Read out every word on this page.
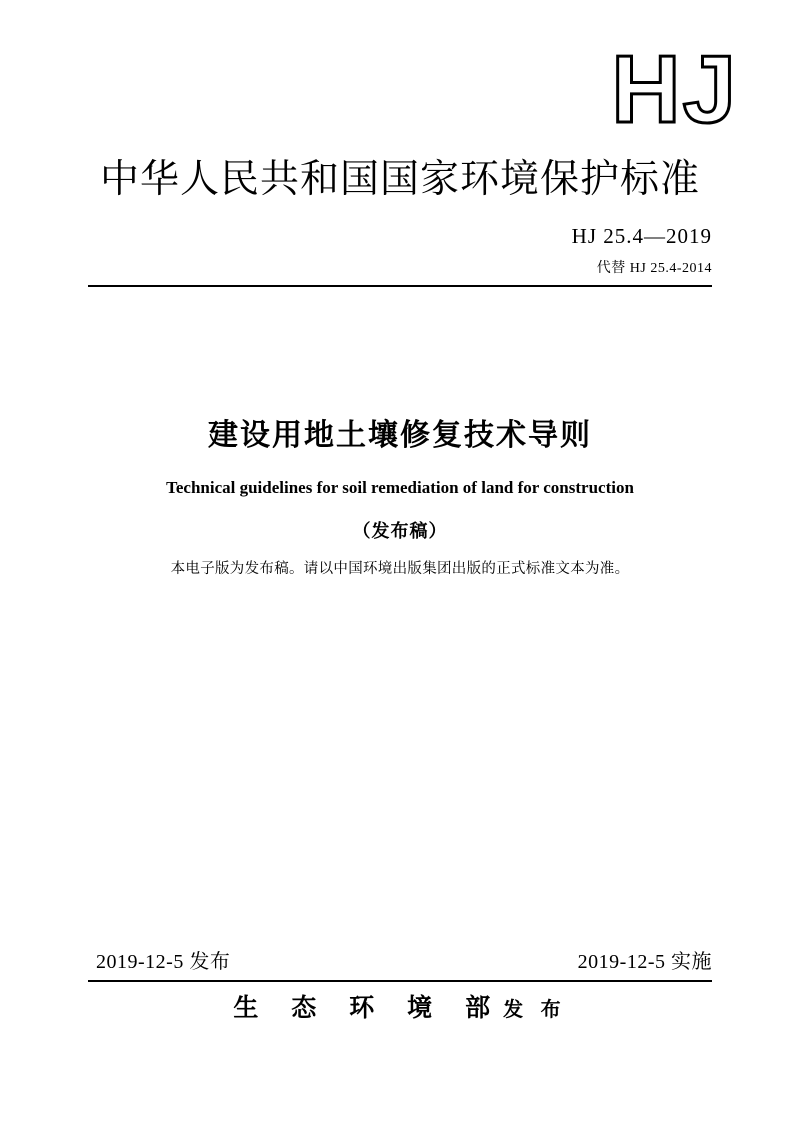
HJ
中华人民共和国国家环境保护标准
HJ 25.4—2019
代替 HJ 25.4-2014
建设用地土壤修复技术导则
Technical guidelines for soil remediation of land for construction
（发布稿）
本电子版为发布稿。请以中国环境出版集团出版的正式标准文本为准。
2019-12-5 发布	2019-12-5 实施
生 态 环 境 部发 布
